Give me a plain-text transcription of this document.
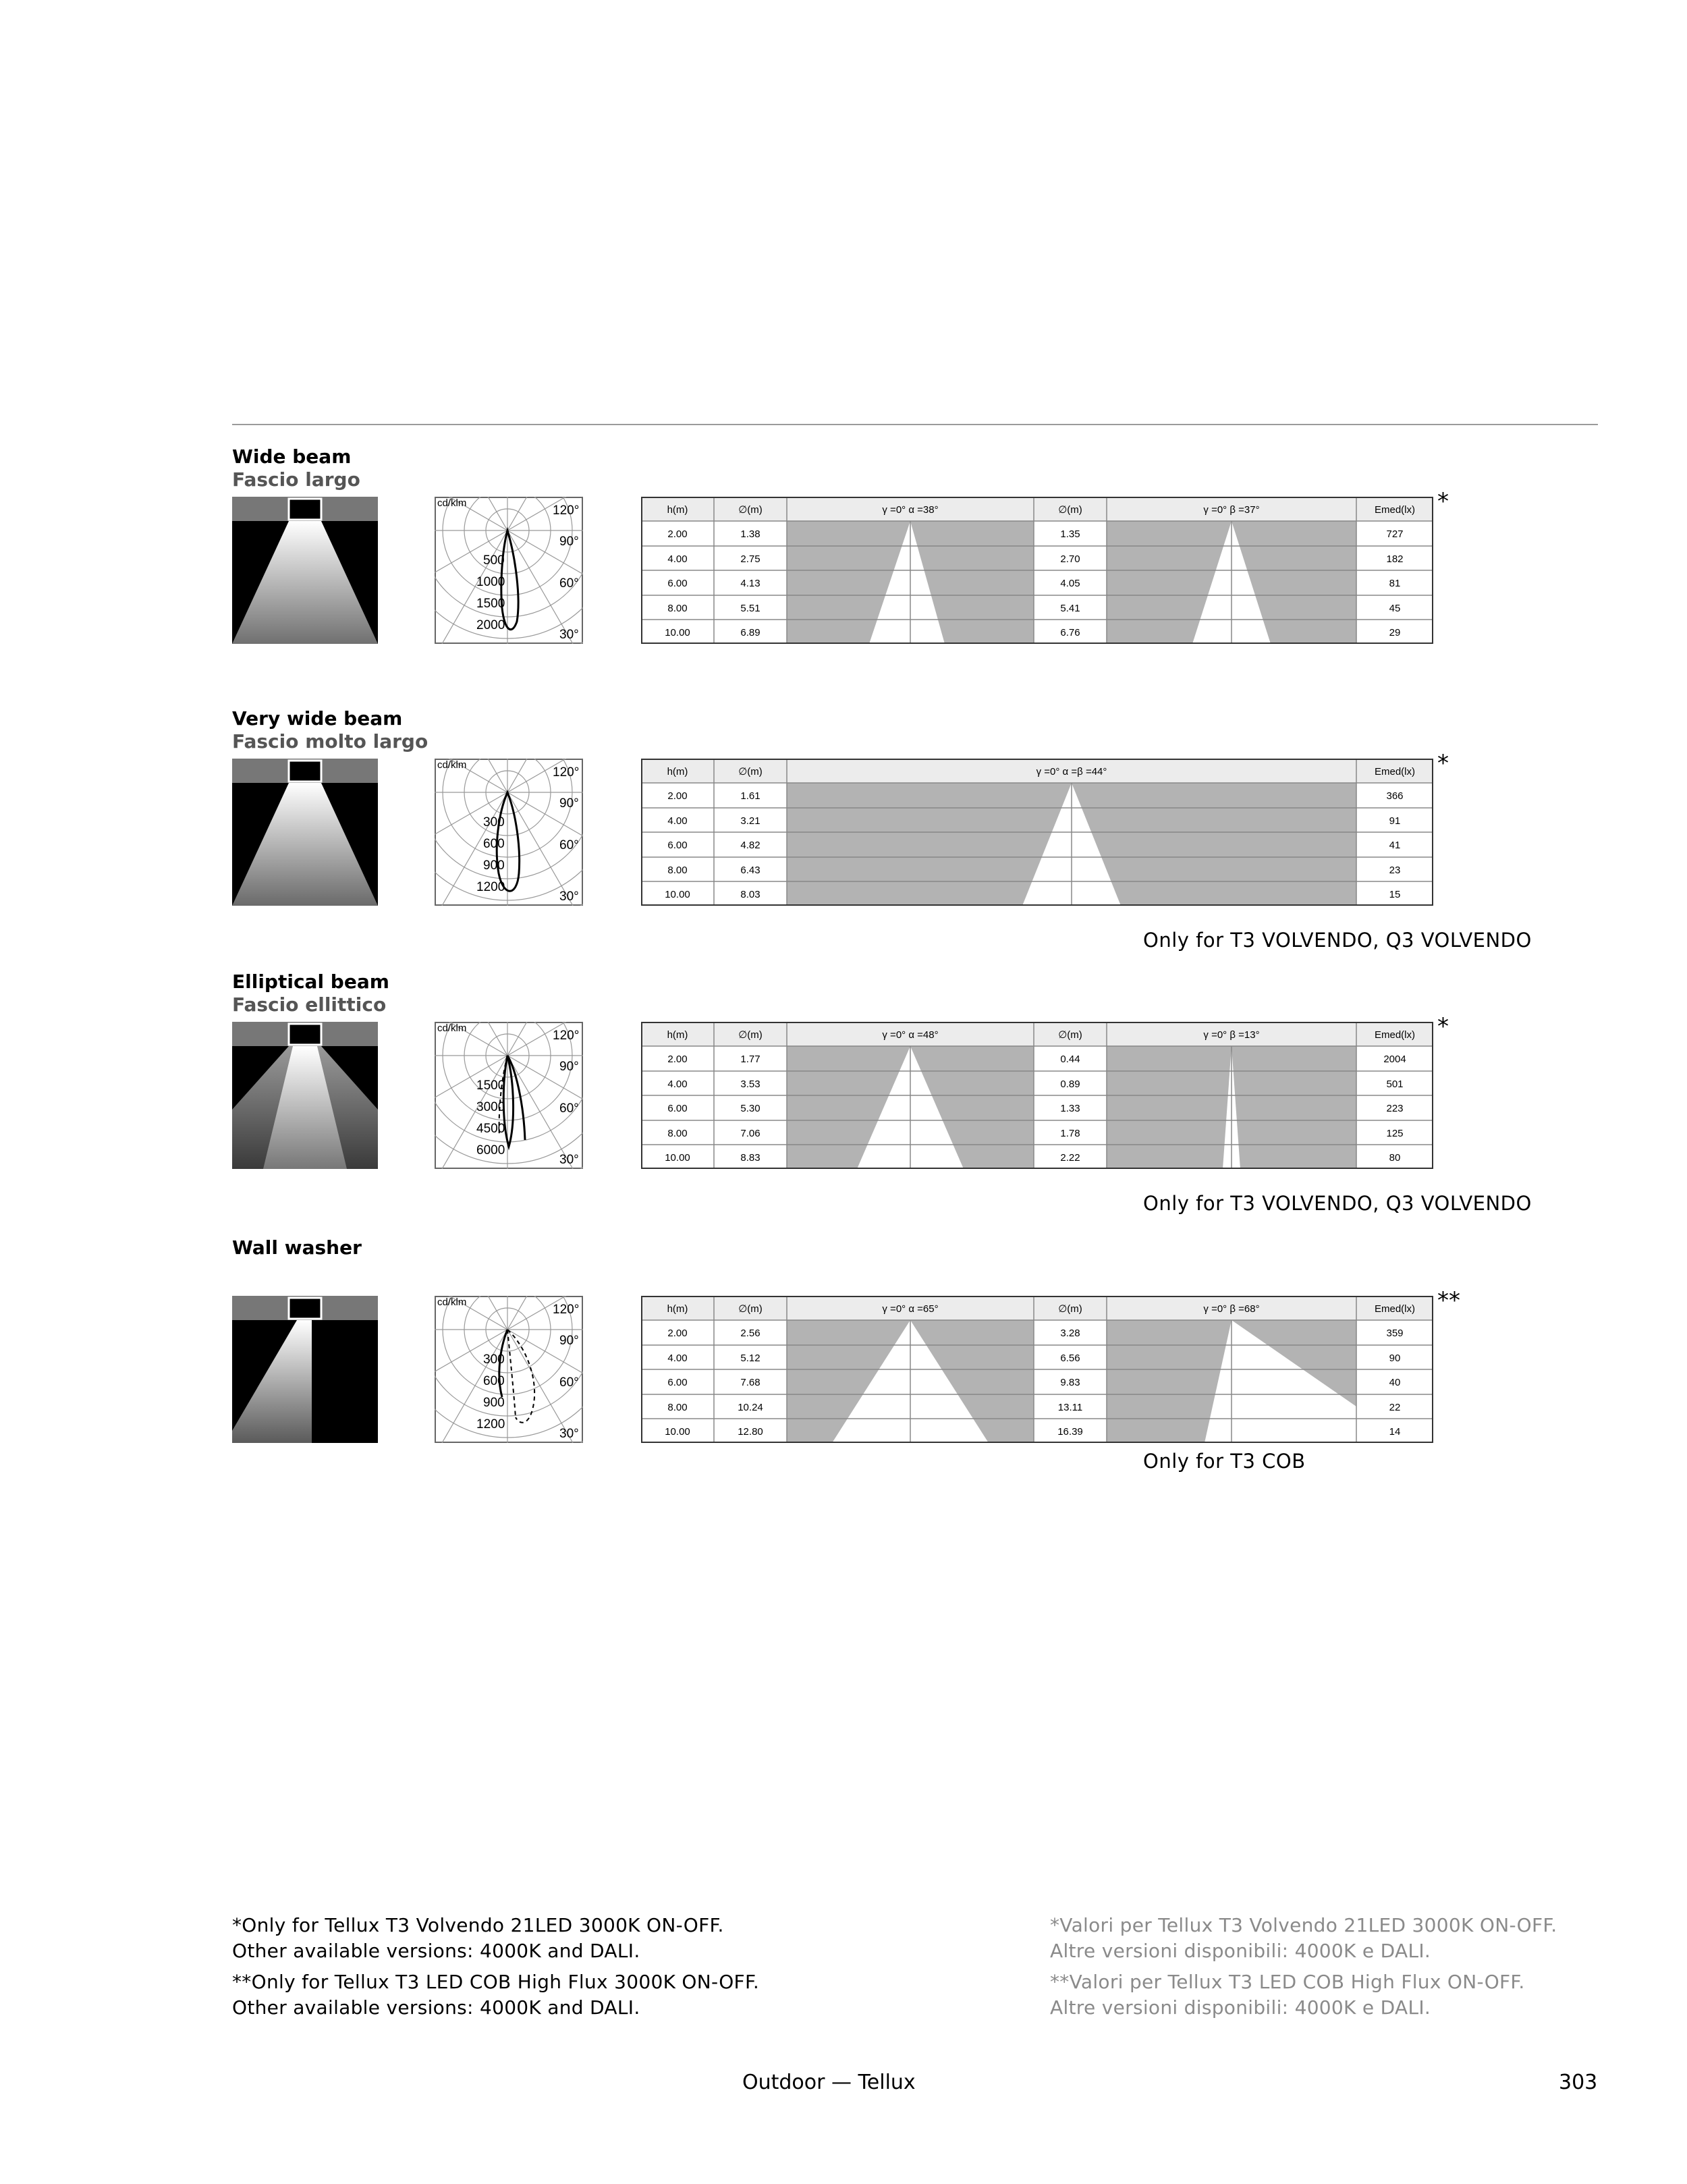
Wide beam
Fascio largo
cd/klm
500
1000
1500
2000
120°
90°
60°
30°
h(m)	∅(m)	γ =0° α =38°	∅(m)	γ =0° β =37°	Emed(lx)
2.00	1.38	1.35	727
4.00	2.75	2.70	182
6.00	4.13	4.05	81
8.00	5.51	5.41	45
10.00	6.89	6.76	29
*
Very wide beam
Fascio molto largo
cd/klm
300
600
900
1200
120°
90°
60°
30°
h(m)	∅(m)	γ =0° α =β =44°	Emed(lx)
2.00	1.61	366
4.00	3.21	91
6.00	4.82	41
8.00	6.43	23
10.00	8.03	15
*
Only for T3 VOLVENDO, Q3 VOLVENDO
Elliptical beam
Fascio ellittico
cd/klm
1500
3000
4500
6000
120°
90°
60°
30°
h(m)	∅(m)	γ =0° α =48°	∅(m)	γ =0° β =13°	Emed(lx)
2.00	1.77	0.44	2004
4.00	3.53	0.89	501
6.00	5.30	1.33	223
8.00	7.06	1.78	125
10.00	8.83	2.22	80
*
Only for T3 VOLVENDO, Q3 VOLVENDO
Wall washer
cd/klm
300
600
900
1200
120°
90°
60°
30°
h(m)	∅(m)	γ =0° α =65°	∅(m)	γ =0° β =68°	Emed(lx)
2.00	2.56	3.28	359
4.00	5.12	6.56	90
6.00	7.68	9.83	40
8.00	10.24	13.11	22
10.00	12.80	16.39	14
**
Only for T3 COB
*Only for Tellux T3 Volvendo 21LED 3000K ON-OFF.
Other available versions: 4000K and DALI.
**Only for Tellux T3 LED COB High Flux 3000K ON-OFF.
Other available versions: 4000K and DALI.
*Valori per Tellux T3 Volvendo 21LED 3000K ON-OFF.
Altre versioni disponibili: 4000K e DALI.
**Valori per Tellux T3 LED COB High Flux ON-OFF.
Altre versioni disponibili: 4000K e DALI.
Outdoor — Tellux	303
